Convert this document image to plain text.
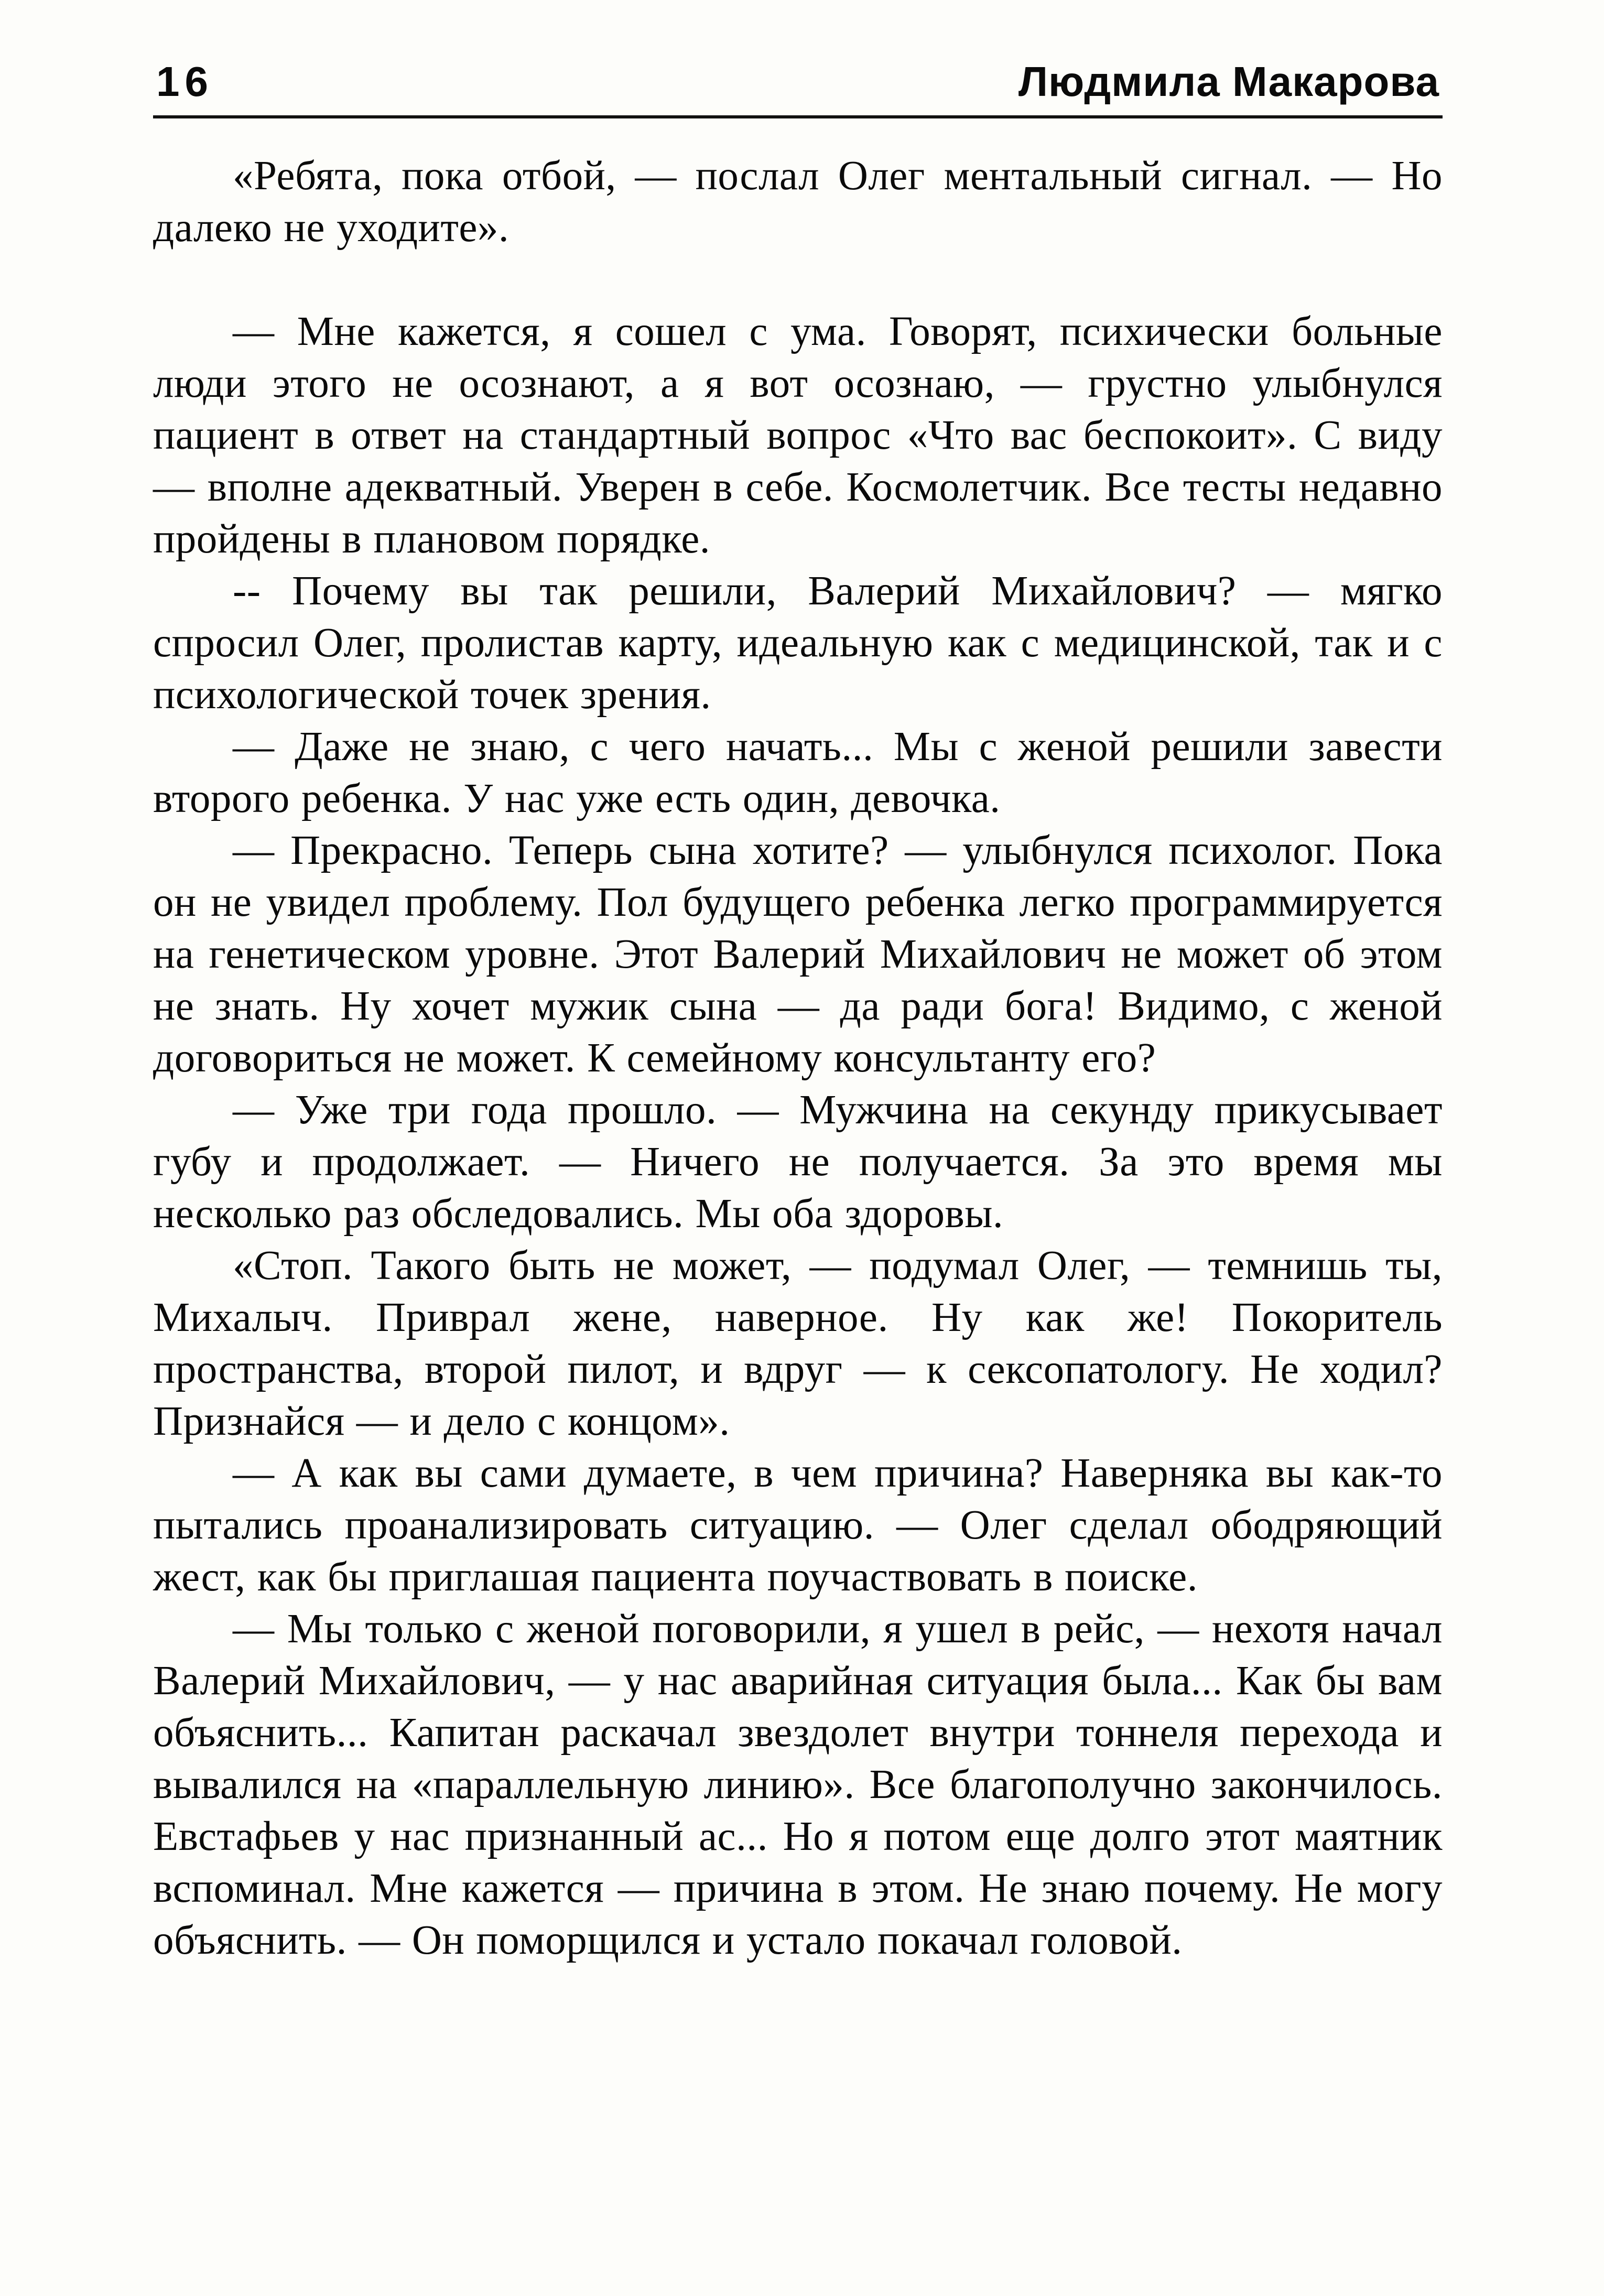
16	Людмила Макарова

«Ребята, пока отбой, — послал Олег ментальный сигнал. — Но далеко не уходите».

— Мне кажется, я сошел с ума. Говорят, психически больные люди этого не осознают, а я вот осознаю, — грустно улыбнулся пациент в ответ на стандартный вопрос «Что вас беспокоит». С виду — вполне адекватный. Уверен в себе. Космолетчик. Все тесты недавно пройдены в плановом порядке.

-- Почему вы так решили, Валерий Михайлович? — мягко спросил Олег, пролистав карту, идеальную как с медицинской, так и с психологической точек зрения.

— Даже не знаю, с чего начать... Мы с женой решили завести второго ребенка. У нас уже есть один, девочка.

— Прекрасно. Теперь сына хотите? — улыбнулся психолог. Пока он не увидел проблему. Пол будущего ребенка легко программируется на генетическом уровне. Этот Валерий Михайлович не может об этом не знать. Ну хочет мужик сына — да ради бога! Видимо, с женой договориться не может. К семейному консультанту его?

— Уже три года прошло. — Мужчина на секунду прикусывает губу и продолжает. — Ничего не получается. За это время мы несколько раз обследовались. Мы оба здоровы.

«Стоп. Такого быть не может, — подумал Олег, — темнишь ты, Михалыч. Приврал жене, наверное. Ну как же! Покоритель пространства, второй пилот, и вдруг — к сексопатологу. Не ходил? Признайся — и дело с концом».

— А как вы сами думаете, в чем причина? Наверняка вы как-то пытались проанализировать ситуацию. — Олег сделал ободряющий жест, как бы приглашая пациента поучаствовать в поиске.

— Мы только с женой поговорили, я ушел в рейс, — нехотя начал Валерий Михайлович, — у нас аварийная ситуация была... Как бы вам объяснить... Капитан раскачал звездолет внутри тоннеля перехода и вывалился на «параллельную линию». Все благополучно закончилось. Евстафьев у нас признанный ас... Но я потом еще долго этот маятник вспоминал. Мне кажется — причина в этом. Не знаю почему. Не могу объяснить. — Он поморщился и устало покачал головой.
